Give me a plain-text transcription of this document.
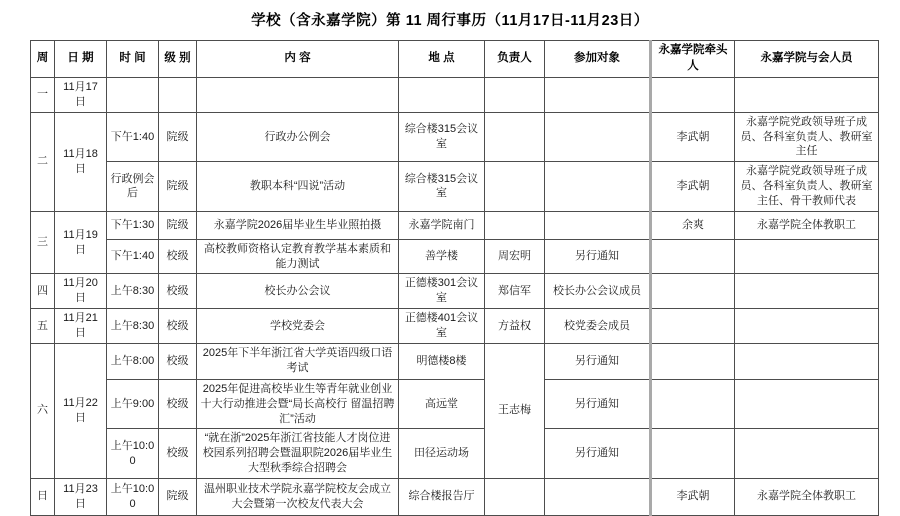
学校（含永嘉学院）第 11 周行事历（11月17日-11月23日）
周	日 期	时 间	级 别	内 容	地 点	负责人	参加对象	永嘉学院牵头人	永嘉学院与会人员
一	11月17日								
二	11月18日	下午1:40	院级	行政办公例会	综合楼315会议室			李武朝	永嘉学院党政领导班子成员、各科室负责人、教研室主任
		行政例会后	院级	教职本科“四说”活动	综合楼315会议室			李武朝	永嘉学院党政领导班子成员、各科室负责人、教研室主任、骨干教师代表
三	11月19日	下午1:30	院级	永嘉学院2026届毕业生毕业照拍摄	永嘉学院南门			余爽	永嘉学院全体教职工
		下午1:40	校级	高校教师资格认定教育教学基本素质和能力测试	善学楼	周宏明	另行通知		
四	11月20日	上午8:30	校级	校长办公会议	正德楼301会议室	郑信军	校长办公会议成员		
五	11月21日	上午8:30	校级	学校党委会	正德楼401会议室	方益权	校党委会成员		
六	11月22日	上午8:00	校级	2025年下半年浙江省大学英语四级口语考试	明德楼8楼	王志梅	另行通知		
		上午9:00	校级	2025年促进高校毕业生等青年就业创业十大行动推进会暨“局长高校行 留温招聘汇”活动	高远堂		另行通知		
		上午10:00	校级	“就在浙”2025年浙江省技能人才岗位进校园系列招聘会暨温职院2026届毕业生大型秋季综合招聘会	田径运动场		另行通知		
日	11月23日	上午10:00	院级	温州职业技术学院永嘉学院校友会成立大会暨第一次校友代表大会	综合楼报告厅			李武朝	永嘉学院全体教职工
